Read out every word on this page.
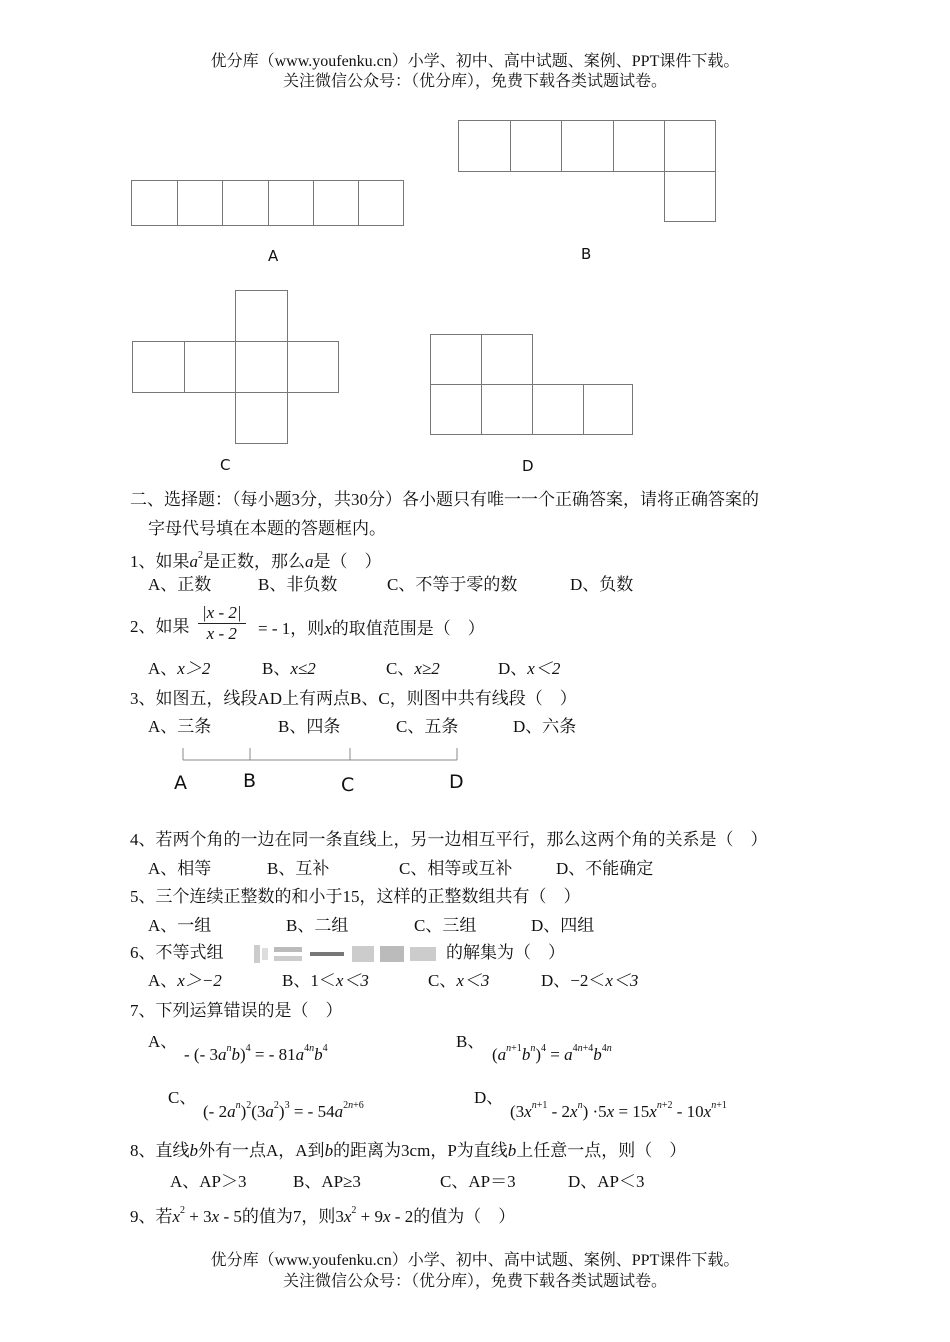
优分库（www.youfenku.cn）小学、初中、高中试题、案例、PPT课件下载。
关注微信公众号：（优分库），免费下载各类试题试卷。
A	B
C	D
二、选择题：（每小题3分，共30分）各小题只有唯一一个正确答案，请将正确答案的
字母代号填在本题的答题框内。
1、如果$a^2$是正数，那么a是（　）
A、正数	B、非负数	C、不等于零的数	D、负数
2、如果 $\frac{|x - 2|}{x - 2}$ = - 1，则x的取值范围是（　）
A、x＞2	B、x≤2	C、x≥2	D、x＜2
3、如图五，线段AD上有两点B、C，则图中共有线段（　）
A、三条	B、四条	C、五条	D、六条
A	B	C	D
4、若两个角的一边在同一条直线上，另一边相互平行，那么这两个角的关系是（　）
A、相等	B、互补	C、相等或互补	D、不能确定
5、三个连续正整数的和小于15，这样的正整数组共有（　）
A、一组	B、二组	C、三组	D、四组
6、不等式组	的解集为（　）
A、x＞−2	B、1＜x＜3	C、x＜3	D、−2＜x＜3
7、下列运算错误的是（　）
A、
- (- $3a^nb)^4$ = - $81a^{4n}b^4$	B、
$(a^{n+1}b^n)^4 = a^{4n+4}b^{4n}$
C、
(- $2a^n)^2(3a^2)^3$ = - $54a^{2n+6}$	D、
$(3x^{n+1} - 2x^n) \cdot 5x = 15x^{n+2} - 10x^{n+1}$
8、直线b外有一点A，A到b的距离为3cm，P为直线b上任意一点，则（　）
A、AP＞3	B、AP≥3	C、AP＝3	D、AP＜3
9、若$x^2 + 3x - 5$的值为7，则$3x^2 + 9x - 2$的值为（　）
优分库（www.youfenku.cn）小学、初中、高中试题、案例、PPT课件下载。
关注微信公众号：（优分库），免费下载各类试题试卷。
